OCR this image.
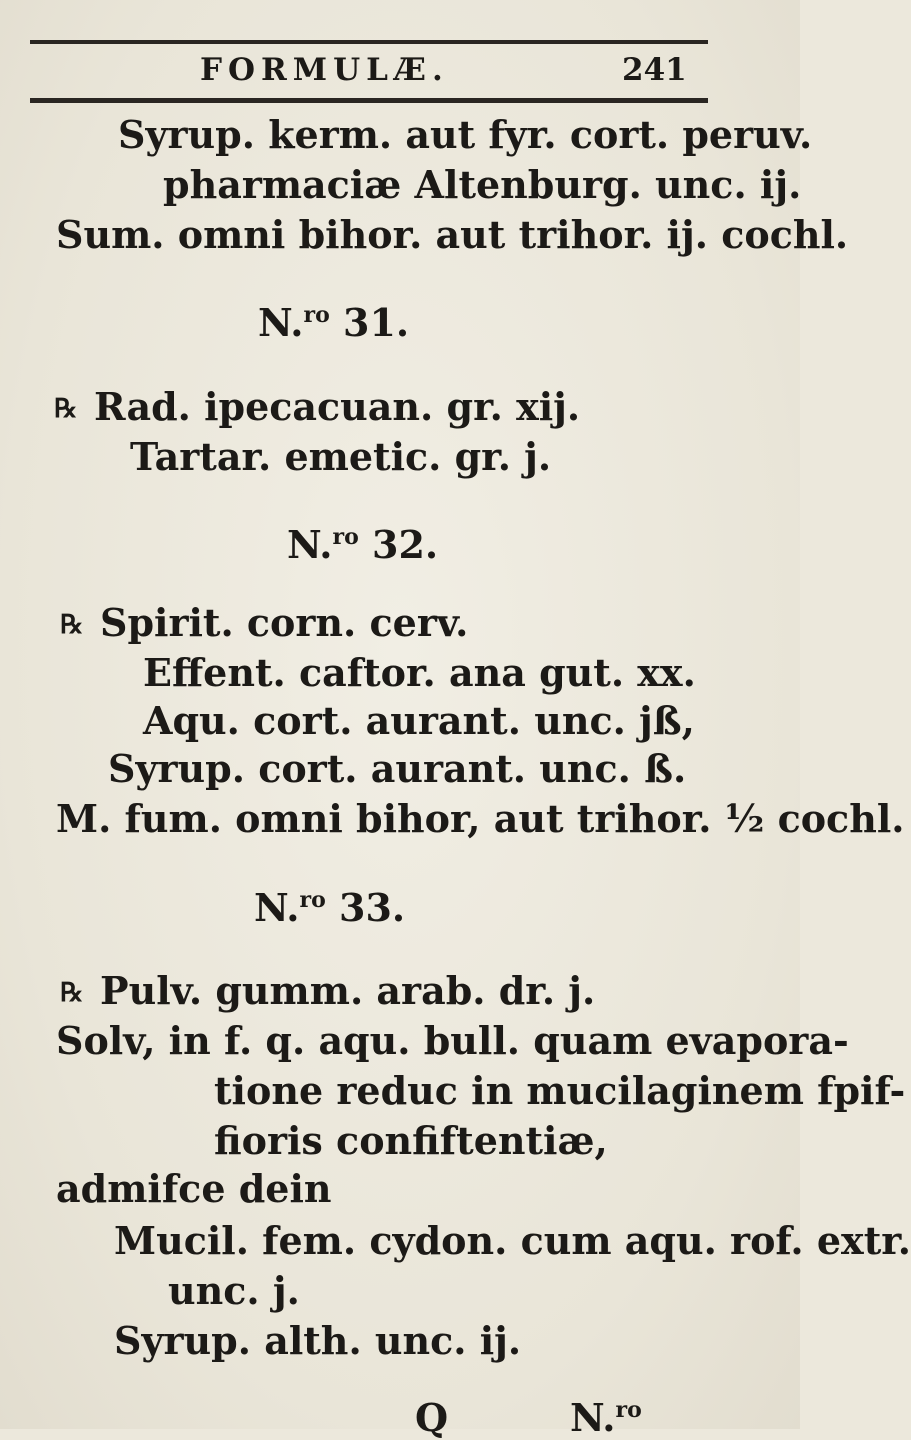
FORMULÆ.	241
Syrup. kerm. aut fyr. cort. peruv.
pharmaciæ Altenburg. unc. ij.
Sum. omni bihor. aut trihor. ij. cochl.
N.$^{ro}$ 31.
℞ Rad. ipecacuan. gr. xij.
Tartar. emetic. gr. j.
N.$^{ro}$ 32.
℞ Spirit. corn. cerv.
Effent. caftor. ana gut. xx.
Aqu. cort. aurant. unc. jß,
Syrup. cort. aurant. unc. ß.
M. fum. omni bihor, aut trihor. ½ cochl.
N.$^{ro}$ 33.
℞ Pulv. gumm. arab. dr. j.
Solv, in f. q. aqu. bull. quam evapora-
tione reduc in mucilaginem fpif-
fioris confiftentiæ,
admifce dein
Mucil. fem. cydon. cum aqu. rof. extr.
unc. j.
Syrup. alth. unc. ij.
Q	N.$^{ro}$
